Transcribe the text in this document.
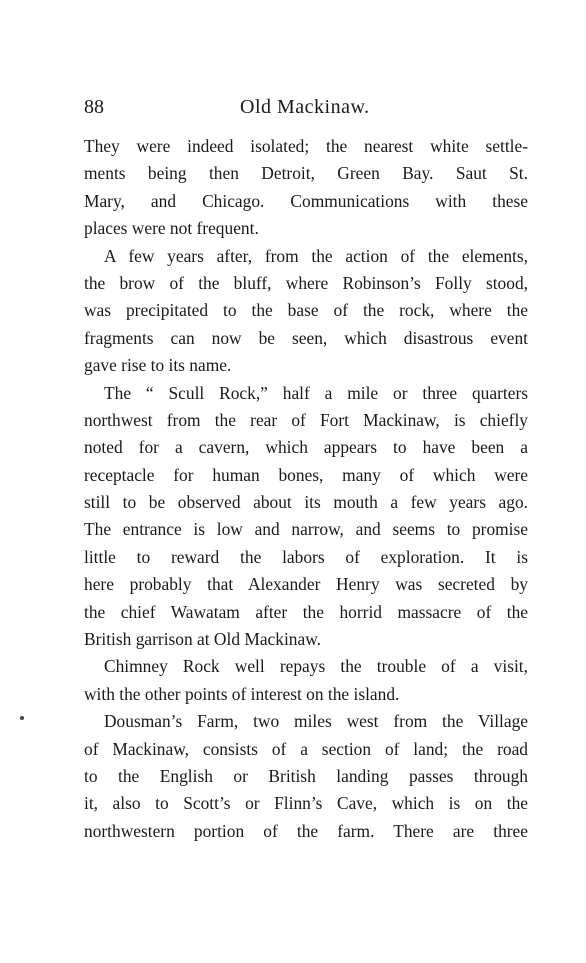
88	Old Mackinaw.
They were indeed isolated; the nearest white settle-
ments being then Detroit, Green Bay. Saut St.
Mary, and Chicago. Communications with these
places were not frequent.
A few years after, from the action of the elements,
the brow of the bluff, where Robinson’s Folly stood,
was precipitated to the base of the rock, where the
fragments can now be seen, which disastrous event
gave rise to its name.
The “ Scull Rock,” half a mile or three quarters
northwest from the rear of Fort Mackinaw, is chiefly
noted for a cavern, which appears to have been a
receptacle for human bones, many of which were
still to be observed about its mouth a few years ago.
The entrance is low and narrow, and seems to promise
little to reward the labors of exploration. It is
here probably that Alexander Henry was secreted by
the chief Wawatam after the horrid massacre of the
British garrison at Old Mackinaw.
Chimney Rock well repays the trouble of a visit,
with the other points of interest on the island.
Dousman’s Farm, two miles west from the Village
of Mackinaw, consists of a section of land; the road
to the English or British landing passes through
it, also to Scott’s or Flinn’s Cave, which is on the
northwestern portion of the farm. There are three
